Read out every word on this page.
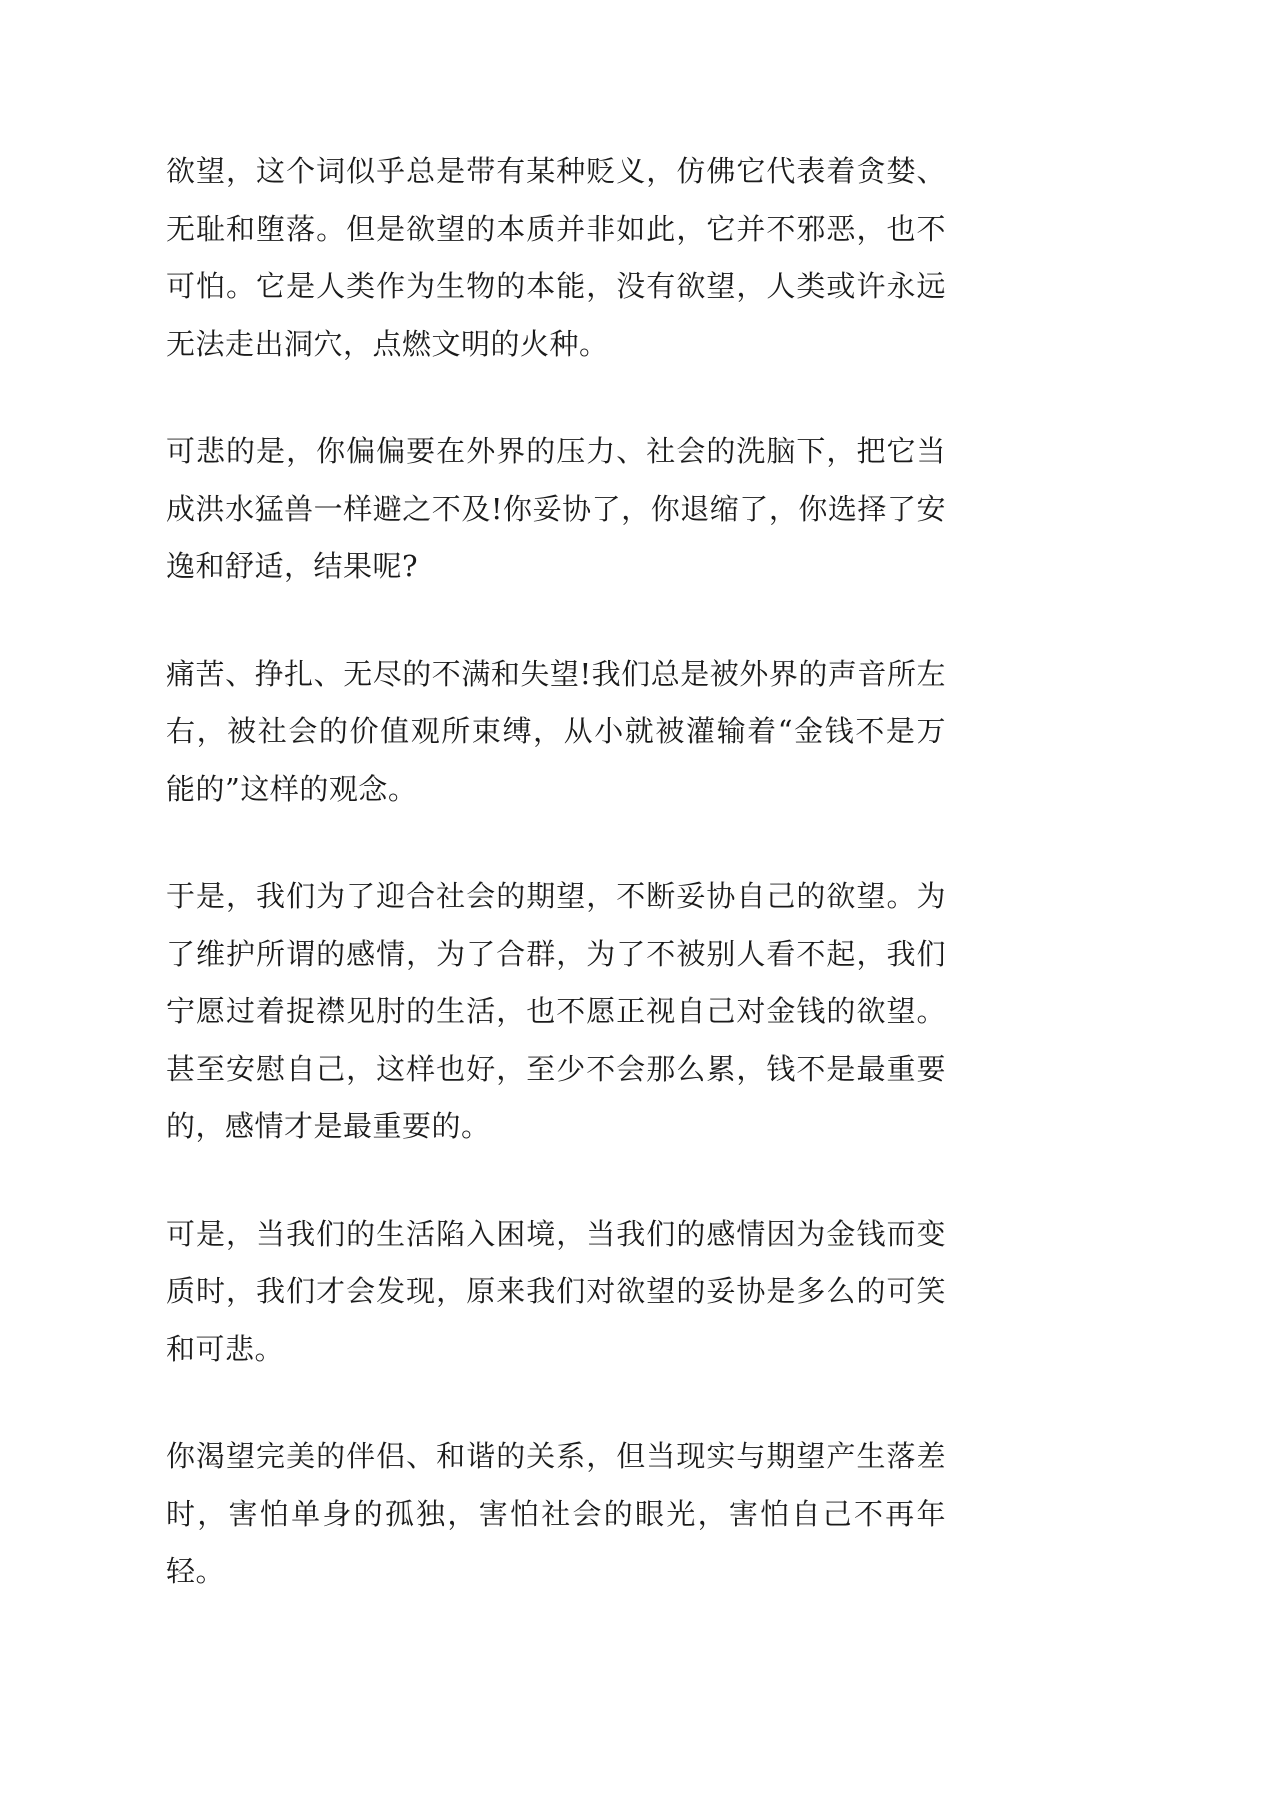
欲望，这个词似乎总是带有某种贬义，仿佛它代表着贪婪、无耻和堕落。但是欲望的本质并非如此，它并不邪恶，也不可怕。它是人类作为生物的本能，没有欲望，人类或许永远无法走出洞穴，点燃文明的火种。

可悲的是，你偏偏要在外界的压力、社会的洗脑下，把它当成洪水猛兽一样避之不及!你妥协了，你退缩了，你选择了安逸和舒适，结果呢?

痛苦、挣扎、无尽的不满和失望!我们总是被外界的声音所左右，被社会的价值观所束缚，从小就被灌输着“金钱不是万能的”这样的观念。

于是，我们为了迎合社会的期望，不断妥协自己的欲望。为了维护所谓的感情，为了合群，为了不被别人看不起，我们宁愿过着捉襟见肘的生活，也不愿正视自己对金钱的欲望。甚至安慰自己，这样也好，至少不会那么累，钱不是最重要的，感情才是最重要的。

可是，当我们的生活陷入困境，当我们的感情因为金钱而变质时，我们才会发现，原来我们对欲望的妥协是多么的可笑和可悲。

你渴望完美的伴侣、和谐的关系，但当现实与期望产生落差时，害怕单身的孤独，害怕社会的眼光，害怕自己不再年轻。
